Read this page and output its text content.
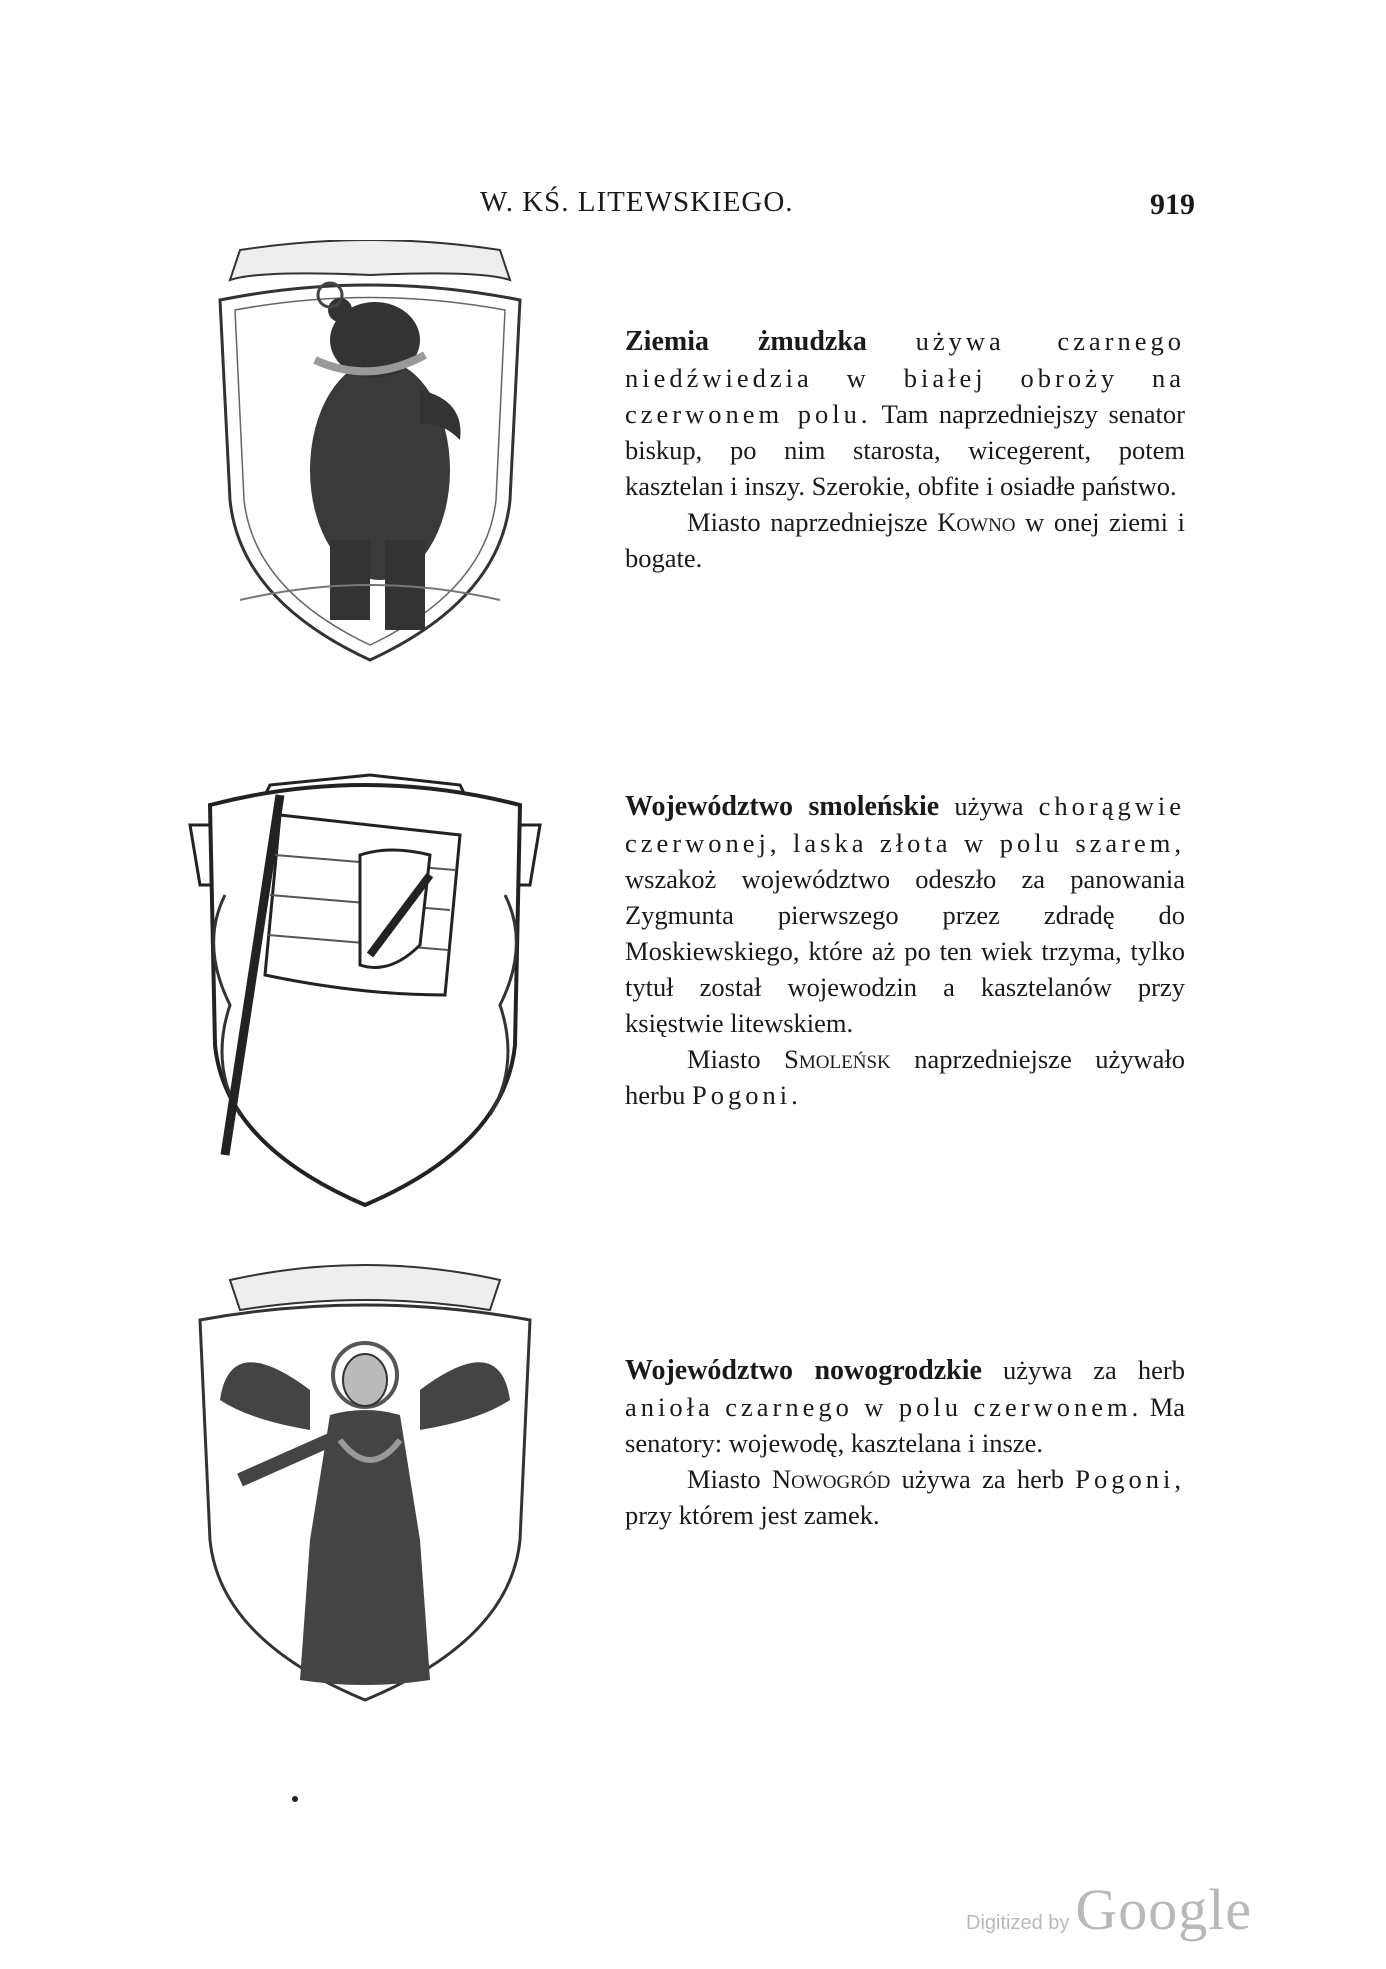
W. KŚ. LITEWSKIEGO.	919

Ziemia żmudzka używa czarnego niedźwiedzia w białej obroży na czerwonem polu. Tam naprzedniejszy senator biskup, po nim starosta, wicegerent, potem kasztelan i inszy. Szerokie, obfite i osiadłe państwo.

Miasto naprzedniejsze Kowno w onej ziemi i bogate.

Województwo smoleńskie używa chorągwie czerwonej, laska złota w polu szarem, wszakoż województwo odeszło za panowania Zygmunta pierwszego przez zdradę do Moskiewskiego, które aż po ten wiek trzyma, tylko tytuł został wojewodzin a kasztelanów przy księstwie litewskiem.

Miasto Smoleńsk naprzedniejsze używało herbu Pogoni.

Województwo nowogrodzkie używa za herb anioła czarnego w polu czerwonem. Ma senatory: wojewodę, kasztelana i insze.

Miasto Nowogród używa za herb Pogoni, przy którem jest zamek.

Digitized by Google
